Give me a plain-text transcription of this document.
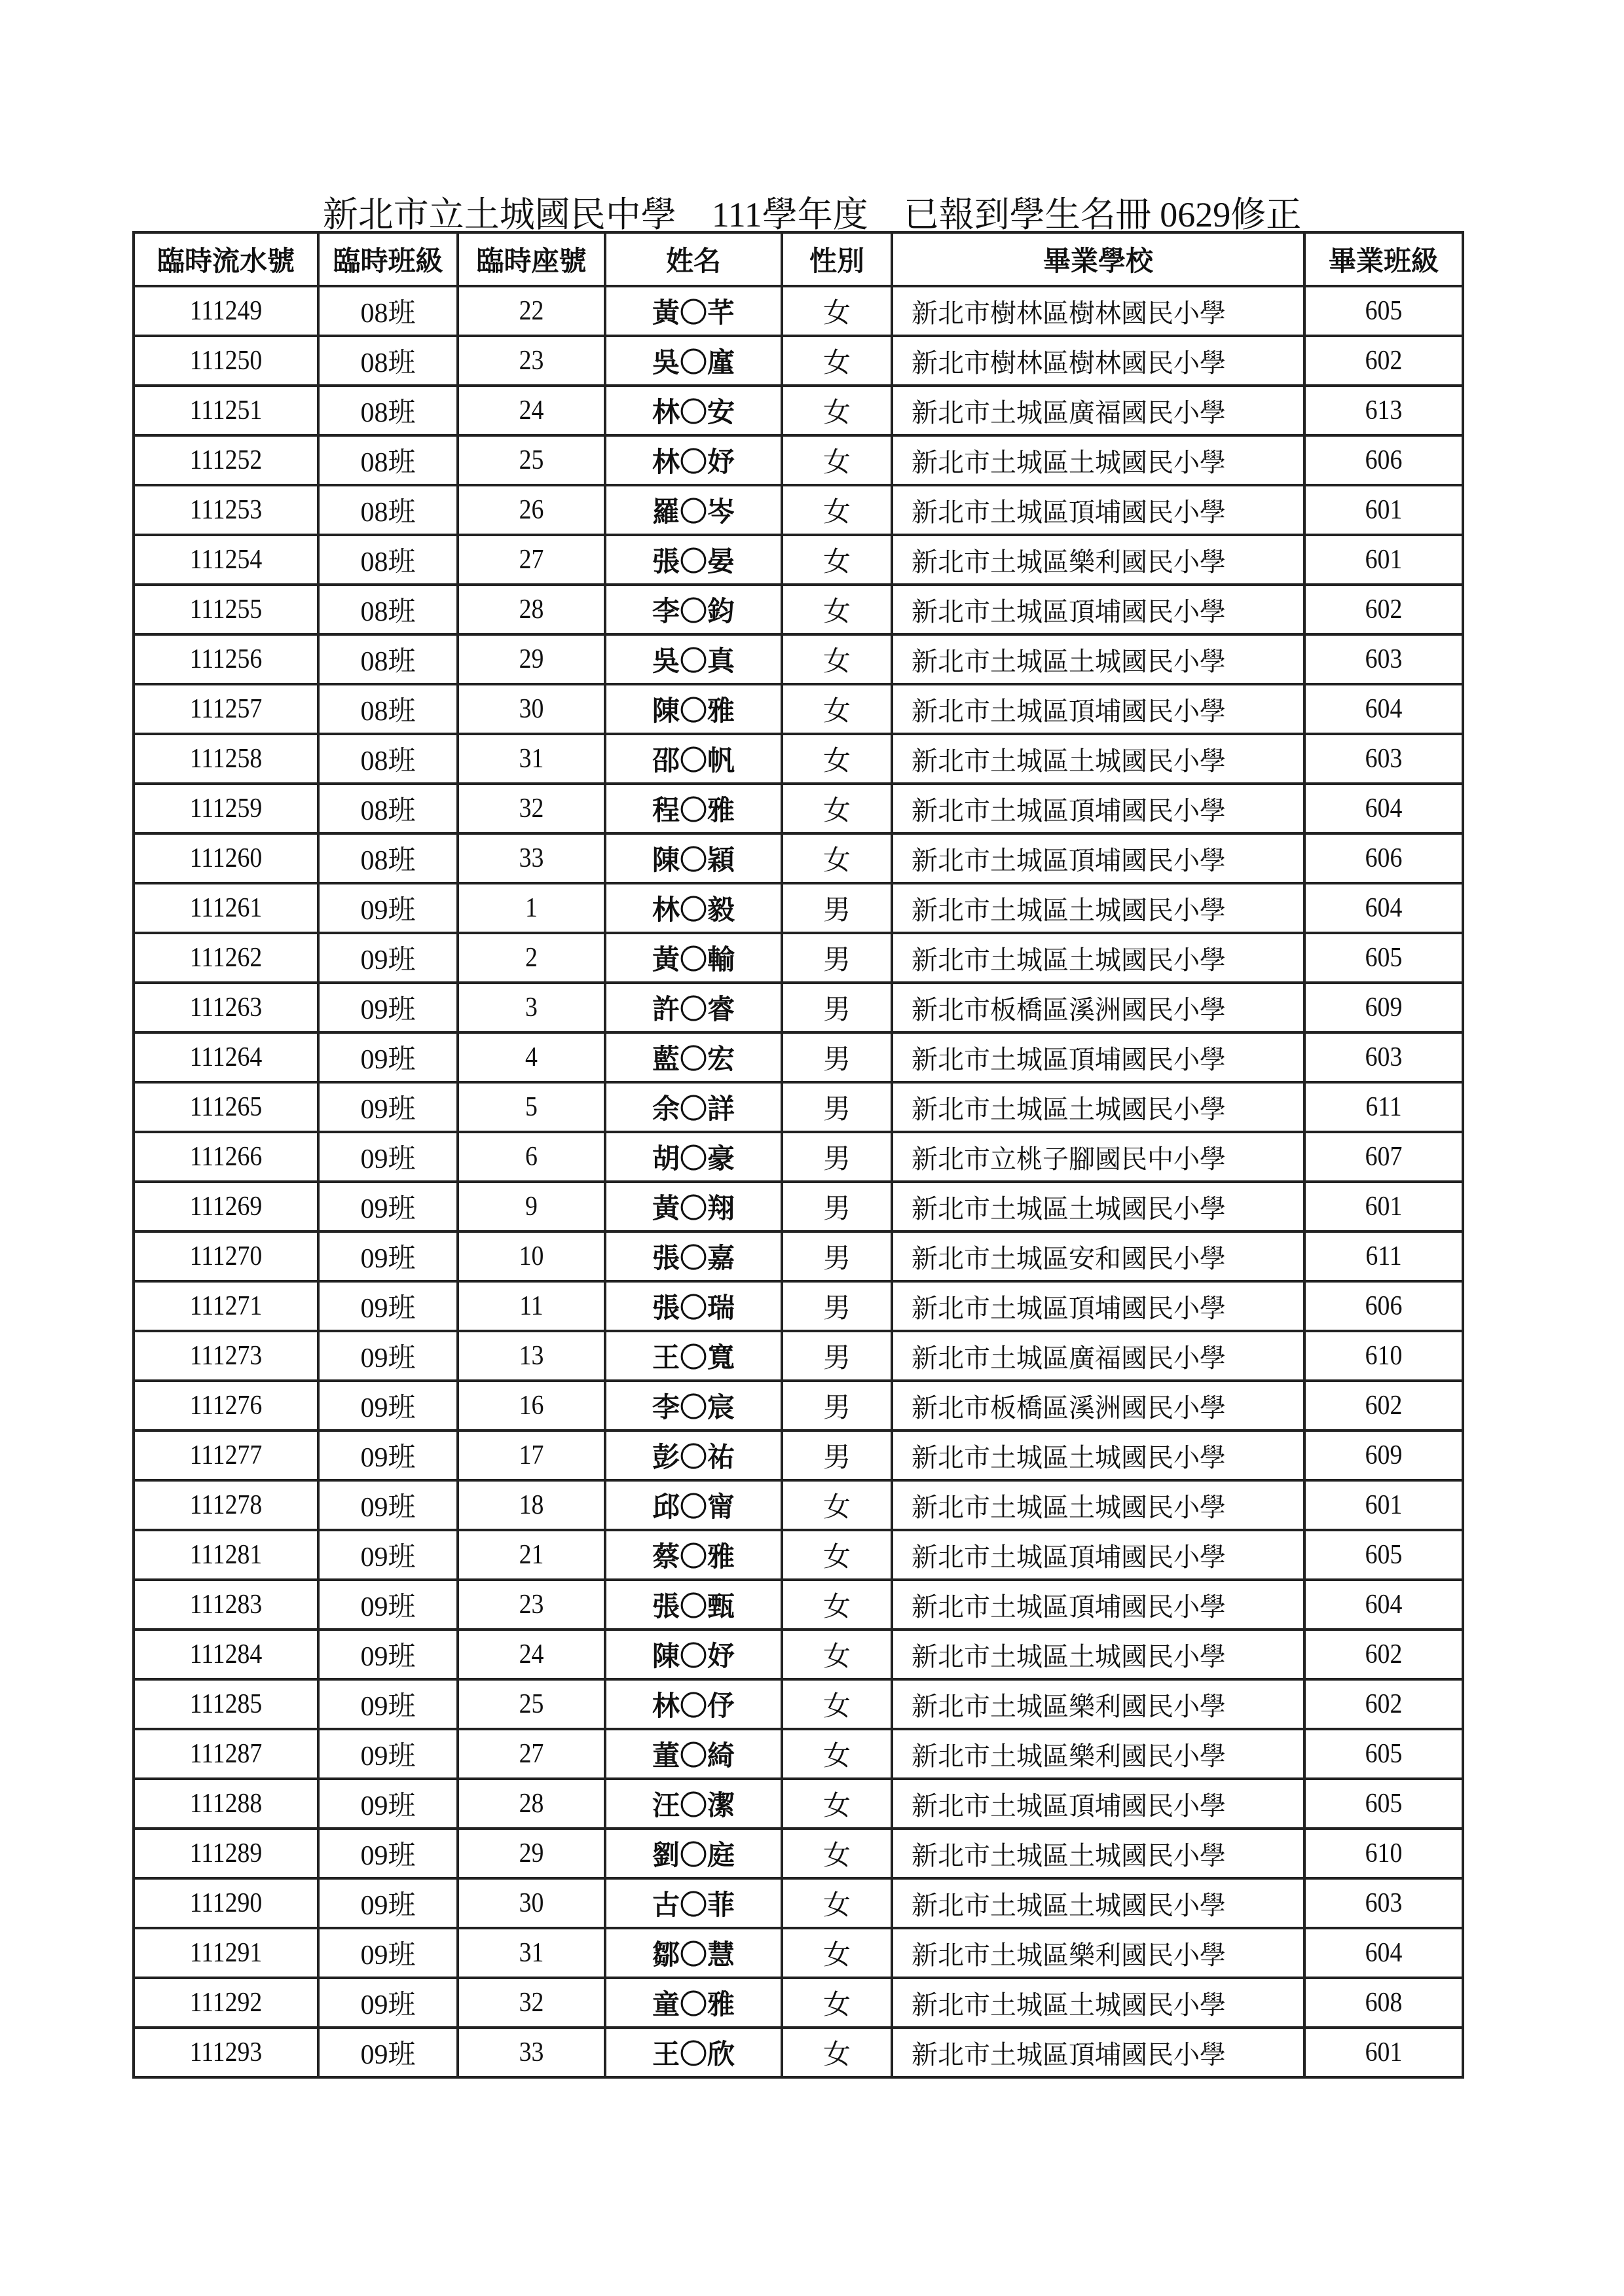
新北市立土城國民中學　111學年度　已報到學生名冊 0629修正
臨時流水號	臨時班級	臨時座號	姓名	性別	畢業學校	畢業班級
111249	08班	22	黃〇芊	女	新北市樹林區樹林國民小學	605
111250	08班	23	吳〇廑	女	新北市樹林區樹林國民小學	602
111251	08班	24	林〇安	女	新北市土城區廣福國民小學	613
111252	08班	25	林〇妤	女	新北市土城區土城國民小學	606
111253	08班	26	羅〇岑	女	新北市土城區頂埔國民小學	601
111254	08班	27	張〇晏	女	新北市土城區樂利國民小學	601
111255	08班	28	李〇鈞	女	新北市土城區頂埔國民小學	602
111256	08班	29	吳〇真	女	新北市土城區土城國民小學	603
111257	08班	30	陳〇雅	女	新北市土城區頂埔國民小學	604
111258	08班	31	邵〇帆	女	新北市土城區土城國民小學	603
111259	08班	32	程〇雅	女	新北市土城區頂埔國民小學	604
111260	08班	33	陳〇穎	女	新北市土城區頂埔國民小學	606
111261	09班	1	林〇毅	男	新北市土城區土城國民小學	604
111262	09班	2	黃〇輸	男	新北市土城區土城國民小學	605
111263	09班	3	許〇睿	男	新北市板橋區溪洲國民小學	609
111264	09班	4	藍〇宏	男	新北市土城區頂埔國民小學	603
111265	09班	5	余〇詳	男	新北市土城區土城國民小學	611
111266	09班	6	胡〇豪	男	新北市立桃子腳國民中小學	607
111269	09班	9	黃〇翔	男	新北市土城區土城國民小學	601
111270	09班	10	張〇嘉	男	新北市土城區安和國民小學	611
111271	09班	11	張〇瑞	男	新北市土城區頂埔國民小學	606
111273	09班	13	王〇寬	男	新北市土城區廣福國民小學	610
111276	09班	16	李〇宸	男	新北市板橋區溪洲國民小學	602
111277	09班	17	彭〇祐	男	新北市土城區土城國民小學	609
111278	09班	18	邱〇甯	女	新北市土城區土城國民小學	601
111281	09班	21	蔡〇雅	女	新北市土城區頂埔國民小學	605
111283	09班	23	張〇甄	女	新北市土城區頂埔國民小學	604
111284	09班	24	陳〇妤	女	新北市土城區土城國民小學	602
111285	09班	25	林〇伃	女	新北市土城區樂利國民小學	602
111287	09班	27	董〇綺	女	新北市土城區樂利國民小學	605
111288	09班	28	汪〇潔	女	新北市土城區頂埔國民小學	605
111289	09班	29	劉〇庭	女	新北市土城區土城國民小學	610
111290	09班	30	古〇菲	女	新北市土城區土城國民小學	603
111291	09班	31	鄒〇慧	女	新北市土城區樂利國民小學	604
111292	09班	32	童〇雅	女	新北市土城區土城國民小學	608
111293	09班	33	王〇欣	女	新北市土城區頂埔國民小學	601
